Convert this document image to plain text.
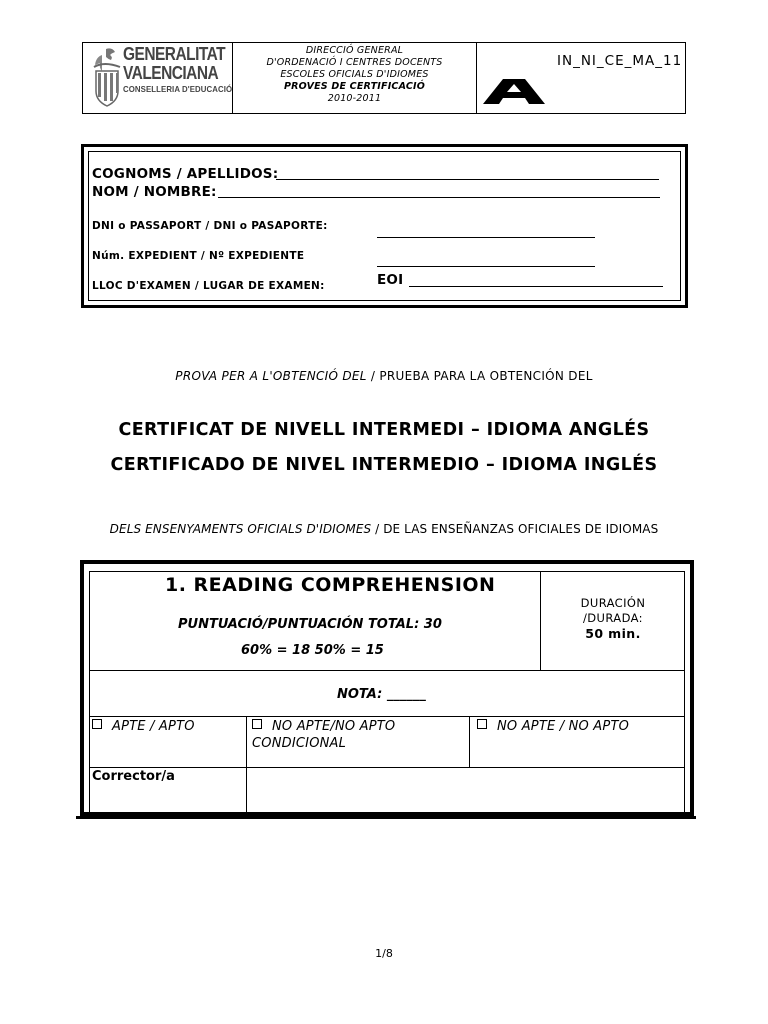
GENERALITAT
VALENCIANA
CONSELLERIA D'EDUCACIÓ
DIRECCIÓ GENERAL
D'ORDENACIÓ I CENTRES DOCENTS
ESCOLES OFICIALS D'IDIOMES
PROVES DE CERTIFICACIÓ
2010-2011
IN_NI_CE_MA_11
COGNOMS / APELLIDOS:
NOM / NOMBRE:
DNI o PASSAPORT / DNI o PASAPORTE:
Núm. EXPEDIENT / Nº EXPEDIENTE
LLOC D'EXAMEN / LUGAR DE EXAMEN:	EOI
PROVA PER A L'OBTENCIÓ DEL / PRUEBA PARA LA OBTENCIÓN DEL
CERTIFICAT DE NIVELL INTERMEDI – IDIOMA ANGLÉS
CERTIFICADO DE NIVEL INTERMEDIO – IDIOMA INGLÉS
DELS ENSENYAMENTS OFICIALS D'IDIOMES / DE LAS ENSEÑANZAS OFICIALES DE IDIOMAS
1. READING COMPREHENSION
PUNTUACIÓ/PUNTUACIÓN TOTAL: 30
60% = 18 50% = 15
DURACIÓN
/DURADA:
50 min.
NOTA: ______
APTE / APTO	NO APTE/NO APTO
CONDICIONAL
NO APTE / NO APTO
Corrector/a
1/8
